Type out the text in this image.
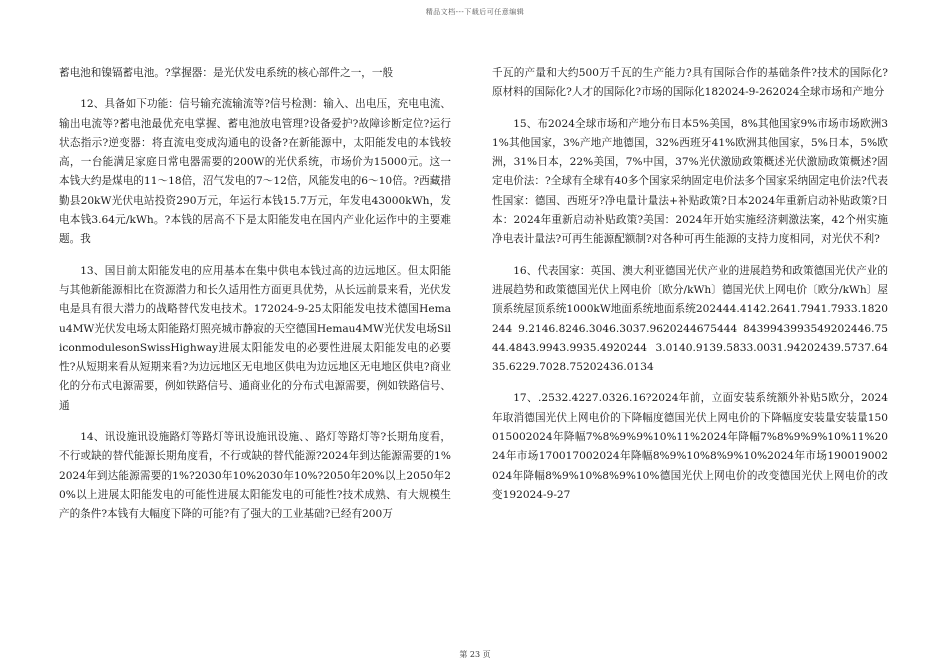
精品文档---下载后可任意编辑

蓄电池和镍镉蓄电池。?掌握器：是光伏发电系统的核心部件之一，一般

12、具备如下功能：信号输充流输流等?信号检测：输入、出电压，充电电流、输出电流等?蓄电池最优充电掌握、蓄电池放电管理?设备爱护?故障诊断定位?运行状态指示?逆变器：将直流电变成沟通电的设备?在新能源中，太阳能发电的本钱较高，一台能满足家庭日常电器需要的200W的光伏系统，市场价为15000元。这一本钱大约是煤电的11～18倍，沼气发电的7～12倍，风能发电的6～10倍。?西藏措勤县20kW光伏电站投资290万元，年运行本钱15.7万元，年发电43000kWh，发电本钱3.64元/kWh。?本钱的居高不下是太阳能发电在国内产业化运作中的主要难题。我

13、国目前太阳能发电的应用基本在集中供电本钱过高的边远地区。但太阳能与其他新能源相比在资源潜力和长久适用性方面更具优势，从长远前景来看，光伏发电是具有很大潜力的战略替代发电技术。172024-9-25太阳能发电技术德国Hemau4MW光伏发电场太阳能路灯照亮城市静寂的天空德国Hemau4MW光伏发电场SiliconmodulesonSwissHighway进展太阳能发电的必要性进展太阳能发电的必要性?从短期来看从短期来看?为边远地区无电地区供电为边远地区无电地区供电?商业化的分布式电源需要，例如铁路信号、通商业化的分布式电源需要，例如铁路信号、通

14、讯设施讯设施路灯等路灯等讯设施讯设施、、路灯等路灯等?长期角度看，不行或缺的替代能源长期角度看，不行或缺的替代能源?2024年到达能源需要的1%2024年到达能源需要的1%?2030年10%2030年10%?2050年20%以上2050年20%以上进展太阳能发电的可能性进展太阳能发电的可能性?技术成熟、有大规模生产的条件?本钱有大幅度下降的可能?有了强大的工业基础?已经有200万

千瓦的产量和大约500万千瓦的生产能力?具有国际合作的基础条件?技术的国际化?原材料的国际化?人才的国际化?市场的国际化182024-9-262024全球市场和产地分

15、布2024全球市场和产地分布日本5%美国，8%其他国家9%市场市场欧洲31%其他国家，3%产地产地德国，32%西班牙41%欧洲其他国家，5%日本，5%欧洲，31%日本，22%美国，7%中国，37%光伏激励政策概述光伏激励政策概述?固定电价法：?全球有全球有40多个国家采纳固定电价法多个国家采纳固定电价法?代表性国家：德国、西班牙?净电量计量法+补贴政策?日本2024年重新启动补贴政策?日本：2024年重新启动补贴政策?美国：2024年开始实施经济刺激法案，42个州实施净电表计量法?可再生能源配额制?对各种可再生能源的支持力度相同，对光伏不利?

16、代表国家：英国、澳大利亚德国光伏产业的进展趋势和政策德国光伏产业的进展趋势和政策德国光伏上网电价〔欧分/kWh〕德国光伏上网电价〔欧分/kWh〕屋顶系统屋顶系统1000kW地面系统地面系统202444.4142.2641.7941.7933.1820244 9.2146.8246.3046.3037.9620244675444 8439943993549202446.7544.4843.9943.9935.4920244 3.0140.9139.5833.0031.94202439.5737.6435.6229.7028.75202436.0134

17、.2532.4227.0326.16?2024年前，立面安装系统额外补贴5欧分，2024年取消德国光伏上网电价的下降幅度德国光伏上网电价的下降幅度安装量安装量150015002024年降幅7%8%9%9%10%11%2024年降幅7%8%9%9%10%11%2024年市场170017002024年降幅8%9%10%8%9%10%2024年市场190019002024年降幅8%9%10%8%9%10%德国光伏上网电价的改变德国光伏上网电价的改变192024-9-27

第 23 页
